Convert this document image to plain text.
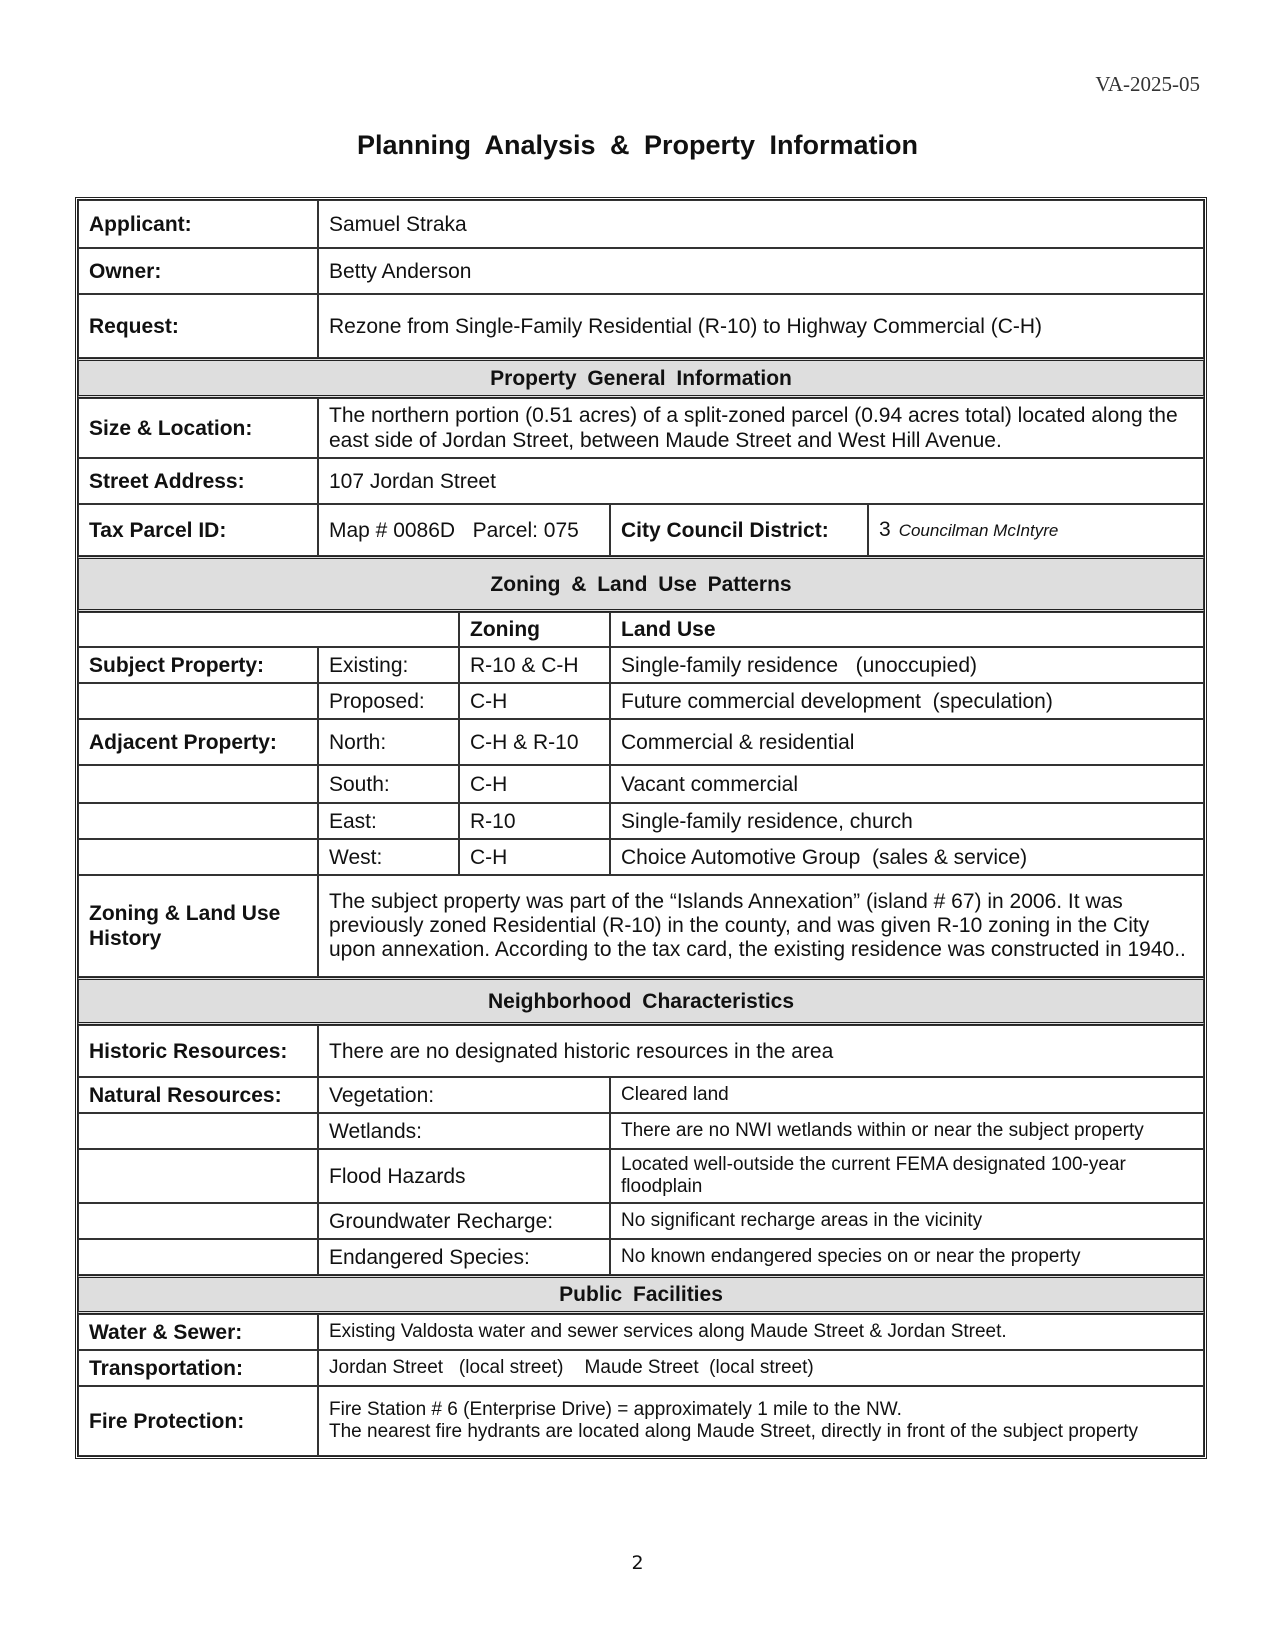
VA-2025-05
Planning Analysis & Property Information
Applicant:	Samuel Straka			
Owner:	Betty Anderson			
Request:	Rezone from Single-Family Residential (R-10) to Highway Commercial (C-H)			
Property General Information				
Size & Location:	The northern portion (0.51 acres) of a split-zoned parcel (0.94 acres total) located along the east side of Jordan Street, between Maude Street and West Hill Avenue.			
Street Address:	107 Jordan Street			
Tax Parcel ID:	Map # 0086D   Parcel: 075		City Council District:	3 Councilman McIntyre
Zoning & Land Use Patterns				
		Zoning	Land Use	
Subject Property:	Existing:	R-10 & C-H	Single-family residence   (unoccupied)	
	Proposed:	C-H	Future commercial development  (speculation)	
Adjacent Property:	North:	C-H & R-10	Commercial & residential	
	South:	C-H	Vacant commercial	
	East:	R-10	Single-family residence, church	
	West:	C-H	Choice Automotive Group  (sales & service)	
Zoning & Land Use History	The subject property was part of the “Islands Annexation” (island # 67) in 2006. It was previously zoned Residential (R-10) in the county, and was given R-10 zoning in the City upon annexation. According to the tax card, the existing residence was constructed in 1940..			
Neighborhood Characteristics				
Historic Resources:	There are no designated historic resources in the area			
Natural Resources:	Vegetation:		Cleared land	
	Wetlands:		There are no NWI wetlands within or near the subject property	
	Flood Hazards		Located well-outside the current FEMA designated 100-year floodplain	
	Groundwater Recharge:		No significant recharge areas in the vicinity	
	Endangered Species:		No known endangered species on or near the property	
Public Facilities				
Water & Sewer:	Existing Valdosta water and sewer services along Maude Street & Jordan Street.			
Transportation:	Jordan Street   (local street)    Maude Street  (local street)			
Fire Protection:	Fire Station # 6 (Enterprise Drive) = approximately 1 mile to the NW.
The nearest fire hydrants are located along Maude Street, directly in front of the subject property			
2
